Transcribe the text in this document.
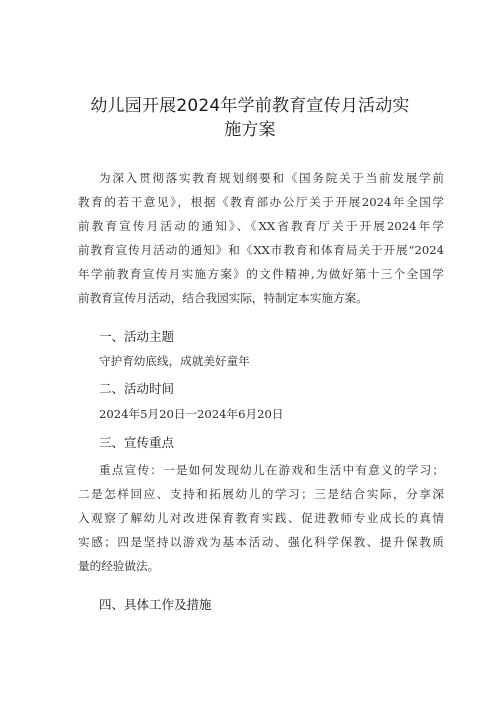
幼儿园开展2024年学前教育宣传月活动实
施方案
为深入贯彻落实教育规划纲要和《国务院关于当前发展学前
教育的若干意见》，根据《教育部办公厅关于开展2024年全国学
前教育宣传月活动的通知》、《XX省教育厅关于开展2024年学
前教育宣传月活动的通知》和《XX市教育和体育局关于开展“2024
年学前教育宣传月实施方案》的文件精神,为做好第十三个全国学
前教育宣传月活动，结合我园实际，特制定本实施方案。
一、活动主题
守护育幼底线，成就美好童年
二、活动时间
2024年5月20日一2024年6月20日
三、宣传重点
重点宣传：一是如何发现幼儿在游戏和生活中有意义的学习；
二是怎样回应、支持和拓展幼儿的学习；三是结合实际，分享深
入观察了解幼儿对改进保育教育实践、促进教师专业成长的真情
实感；四是坚持以游戏为基本活动、强化科学保教、提升保教质
量的经验做法。
四、具体工作及措施
